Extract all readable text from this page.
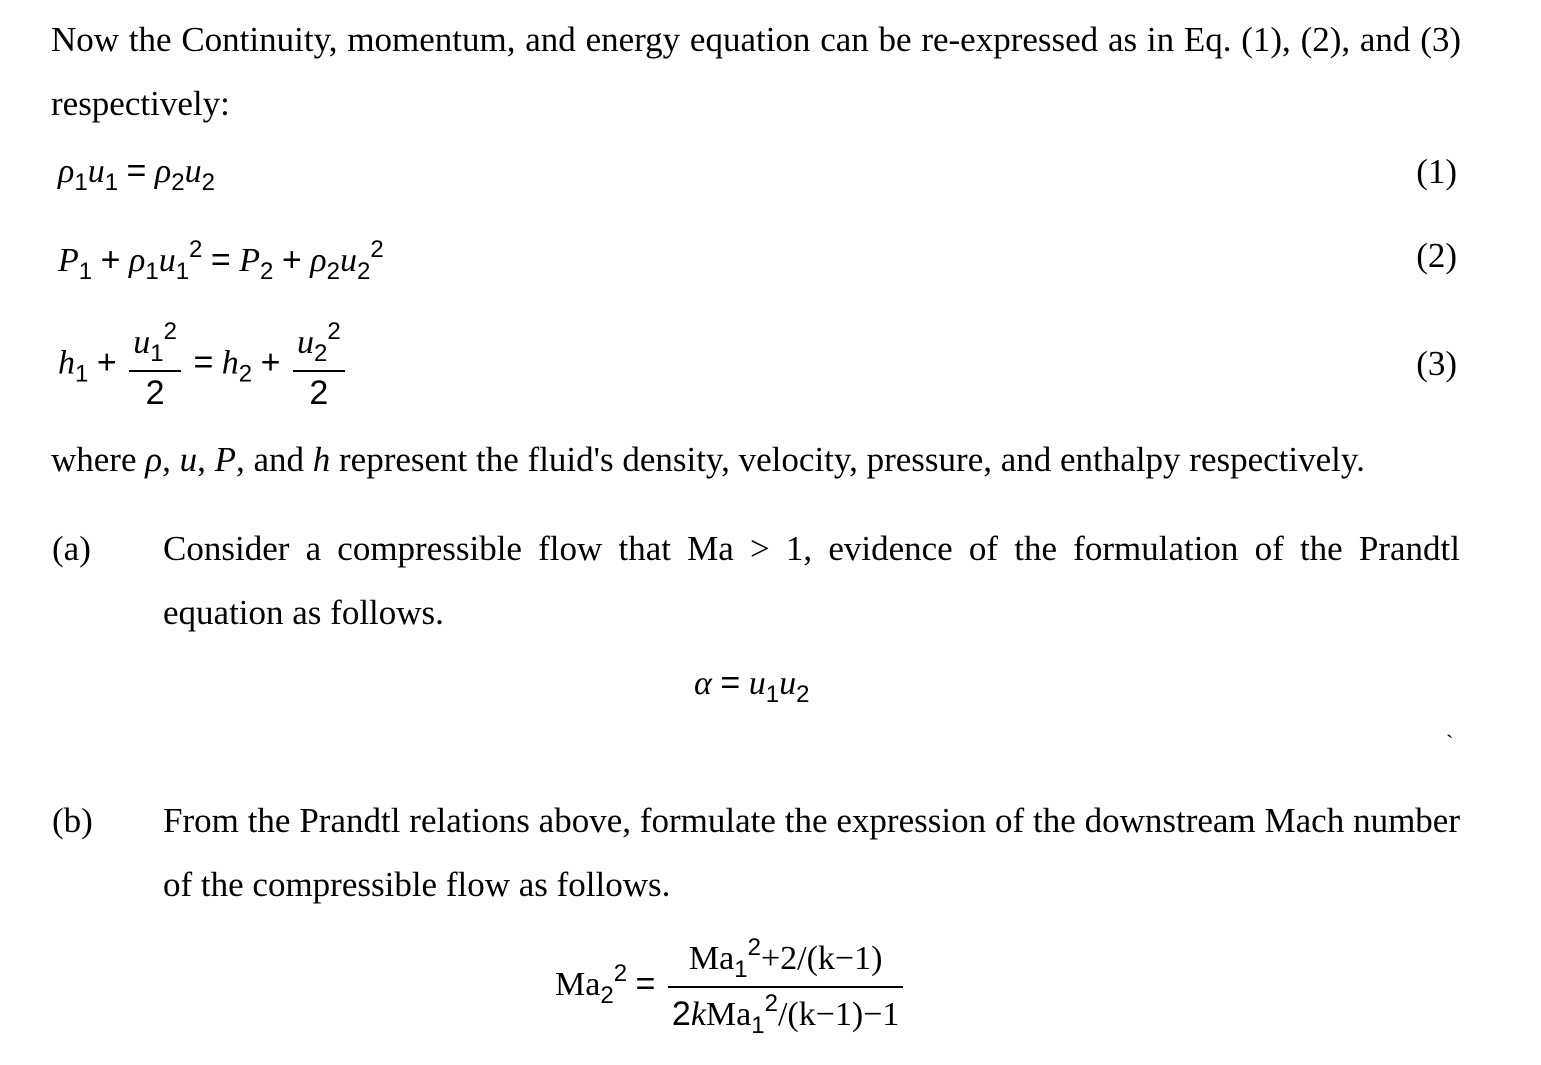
Now the Continuity, momentum, and energy equation can be re-expressed as in Eq. (1), (2), and (3) respectively:
$\rho_1u_1 = \rho_2u_2$	(1)
$P_1 + \rho_1u_1^2 = P_2 + \rho_2u_2^2$	(2)
$h_1 + \frac{u_1^2}{2} = h_2 + \frac{u_2^2}{2}$	(3)
where ρ, u, P, and h represent the fluid's density, velocity, pressure, and enthalpy respectively.
(a) Consider a compressible flow that Ma > 1, evidence of the formulation of the Prandtl equation as follows.
$\alpha = u_1u_2$
`
(b) From the Prandtl relations above, formulate the expression of the downstream Mach number of the compressible flow as follows.
$Ma_2^2 = \frac{Ma_1^2+2/(k-1)}{2kMa_1^2/(k-1)-1}$
